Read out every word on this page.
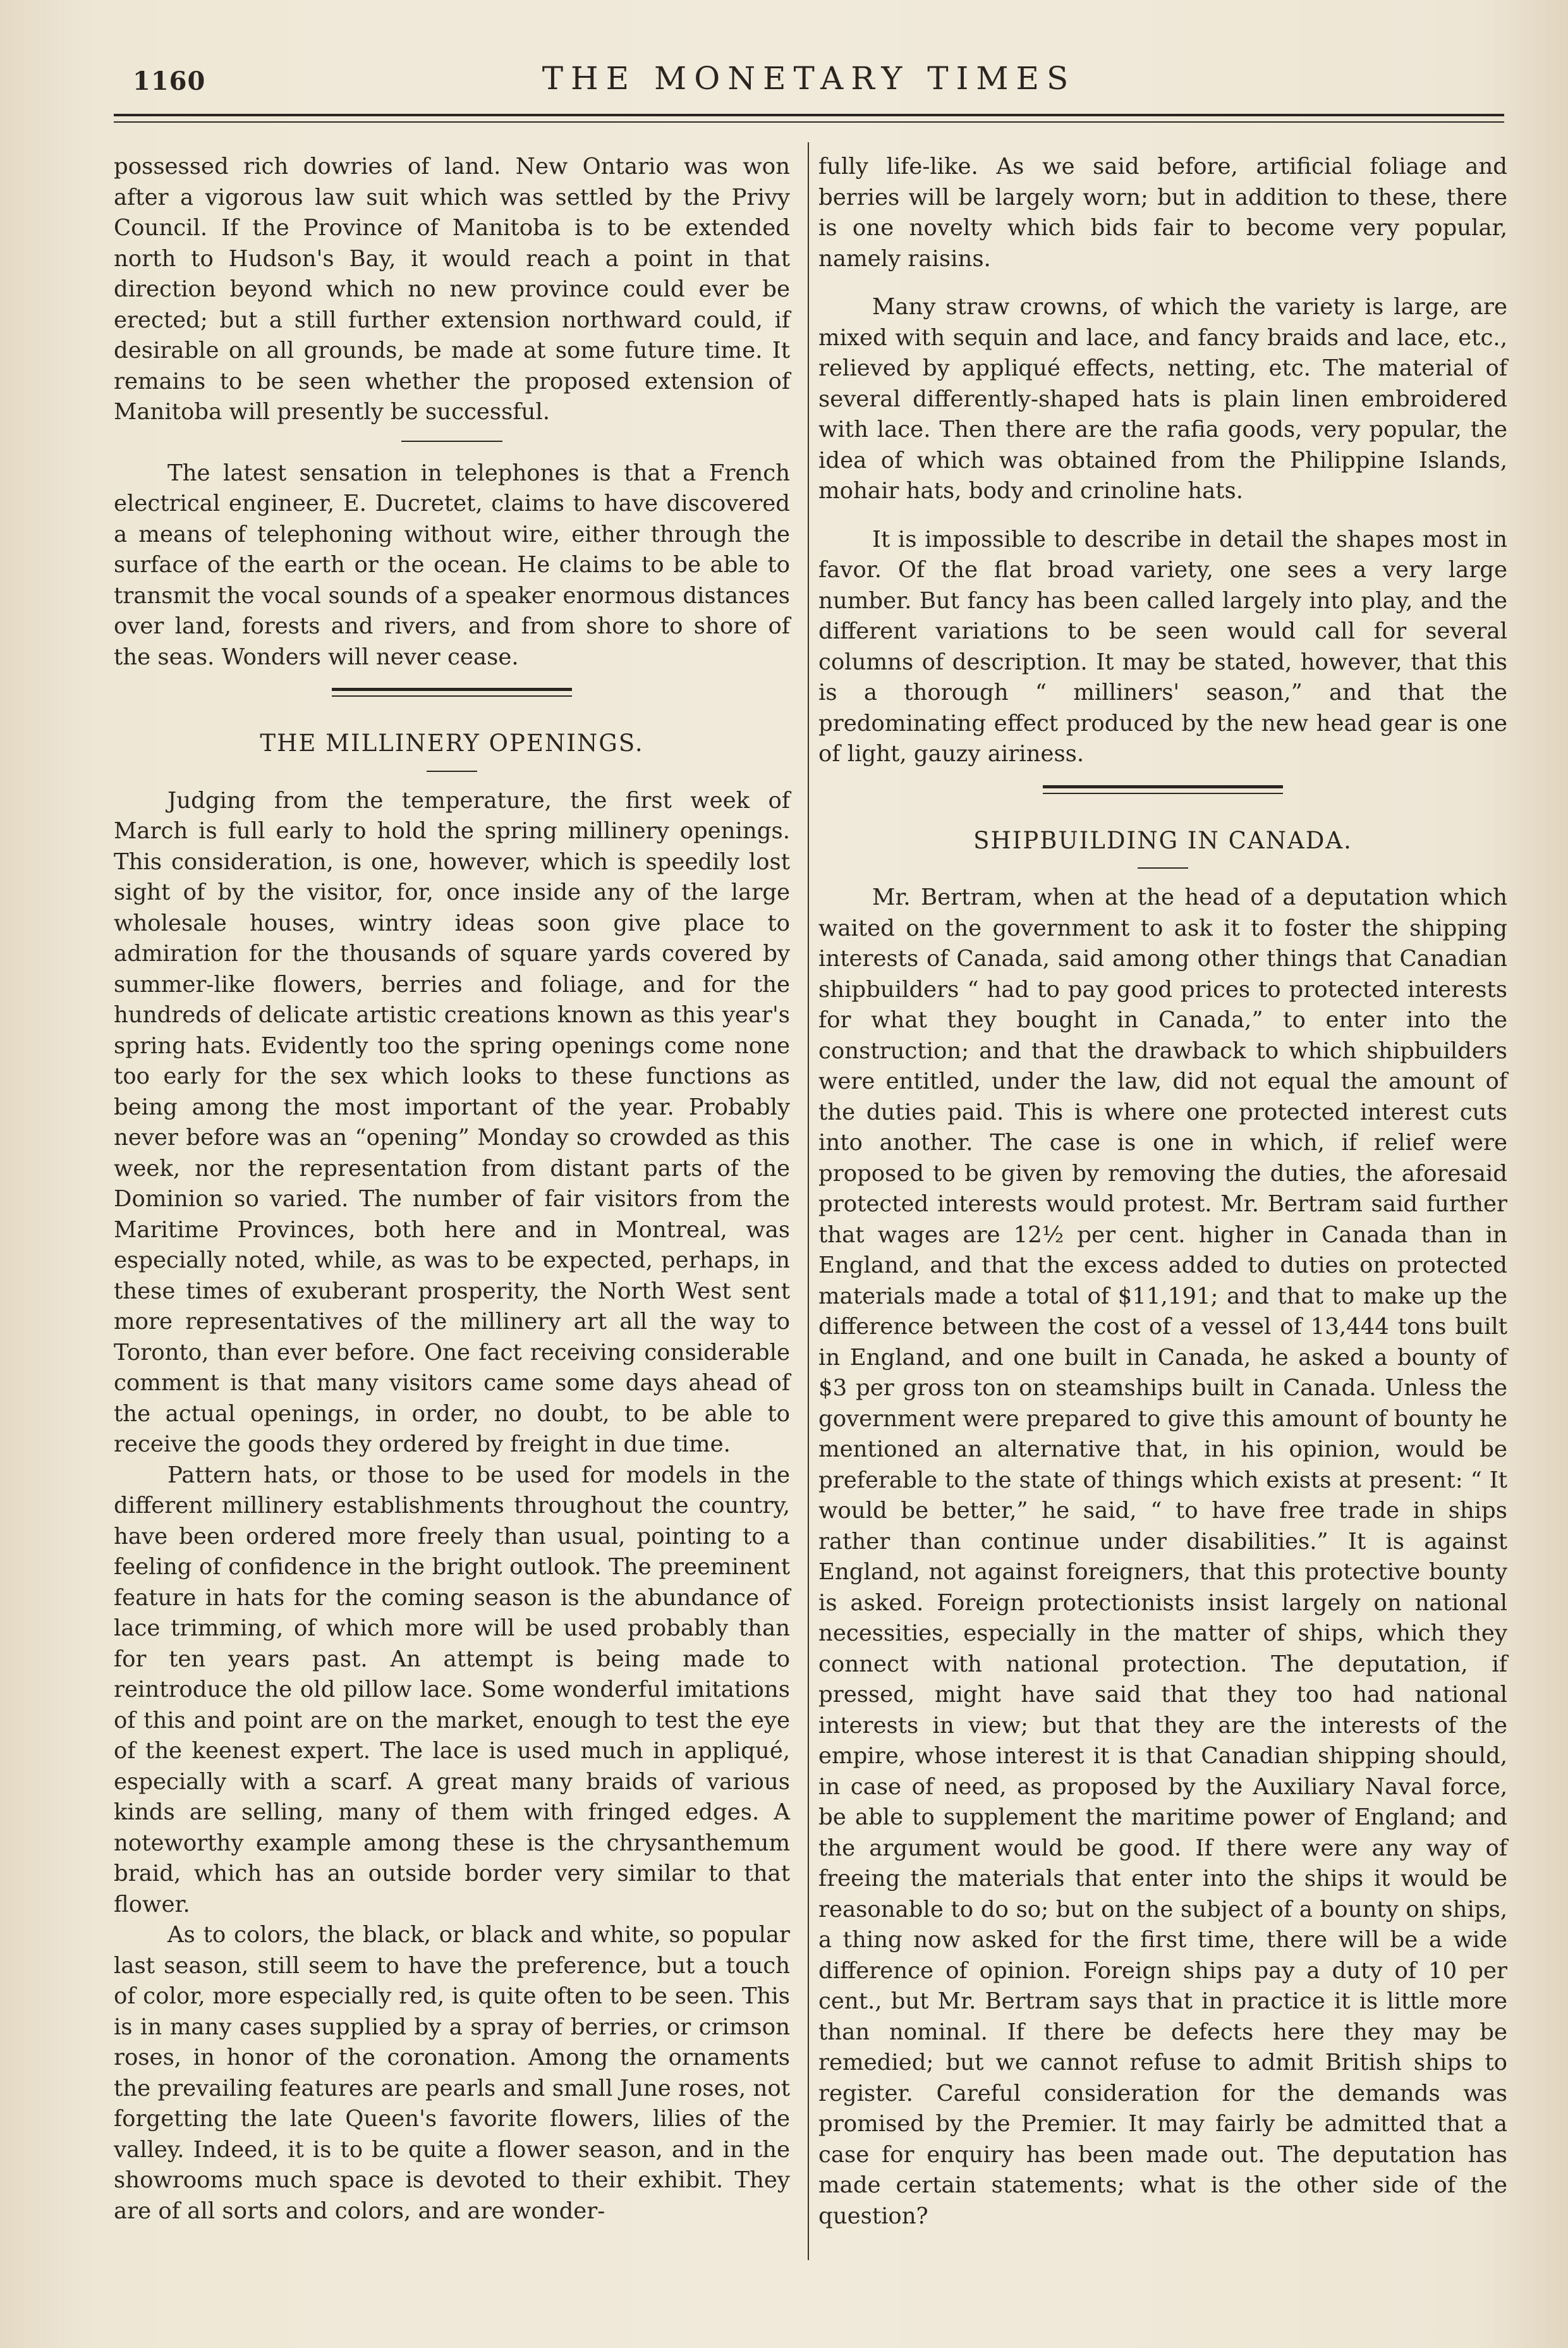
1160	THE MONETARY TIMES

possessed rich dowries of land. New Ontario was won after a vigorous law suit which was settled by the Privy Council. If the Province of Manitoba is to be extended north to Hudson's Bay, it would reach a point in that direction beyond which no new province could ever be erected; but a still further extension northward could, if desirable on all grounds, be made at some future time. It remains to be seen whether the proposed extension of Manitoba will presently be successful.

The latest sensation in telephones is that a French electrical engineer, E. Ducretet, claims to have discovered a means of telephoning without wire, either through the surface of the earth or the ocean. He claims to be able to transmit the vocal sounds of a speaker enormous distances over land, forests and rivers, and from shore to shore of the seas. Wonders will never cease.

THE MILLINERY OPENINGS.

Judging from the temperature, the first week of March is full early to hold the spring millinery openings. This consideration, is one, however, which is speedily lost sight of by the visitor, for, once inside any of the large wholesale houses, wintry ideas soon give place to admiration for the thousands of square yards covered by summer-like flowers, berries and foliage, and for the hundreds of delicate artistic creations known as this year's spring hats. Evidently too the spring openings come none too early for the sex which looks to these functions as being among the most important of the year. Probably never before was an “opening” Monday so crowded as this week, nor the representation from distant parts of the Dominion so varied. The number of fair visitors from the Maritime Provinces, both here and in Montreal, was especially noted, while, as was to be expected, perhaps, in these times of exuberant prosperity, the North West sent more representatives of the millinery art all the way to Toronto, than ever before. One fact receiving considerable comment is that many visitors came some days ahead of the actual openings, in order, no doubt, to be able to receive the goods they ordered by freight in due time.

Pattern hats, or those to be used for models in the different millinery establishments throughout the country, have been ordered more freely than usual, pointing to a feeling of confidence in the bright outlook. The preeminent feature in hats for the coming season is the abundance of lace trimming, of which more will be used probably than for ten years past. An attempt is being made to reintroduce the old pillow lace. Some wonderful imitations of this and point are on the market, enough to test the eye of the keenest expert. The lace is used much in appliqué, especially with a scarf. A great many braids of various kinds are selling, many of them with fringed edges. A noteworthy example among these is the chrysanthemum braid, which has an outside border very similar to that flower.

As to colors, the black, or black and white, so popular last season, still seem to have the preference, but a touch of color, more especially red, is quite often to be seen. This is in many cases supplied by a spray of berries, or crimson roses, in honor of the coronation. Among the ornaments the prevailing features are pearls and small June roses, not forgetting the late Queen's favorite flowers, lilies of the valley. Indeed, it is to be quite a flower season, and in the showrooms much space is devoted to their exhibit. They are of all sorts and colors, and are wonder-

fully life-like. As we said before, artificial foliage and berries will be largely worn; but in addition to these, there is one novelty which bids fair to become very popular, namely raisins.

Many straw crowns, of which the variety is large, are mixed with sequin and lace, and fancy braids and lace, etc., relieved by appliqué effects, netting, etc. The material of several differently-shaped hats is plain linen embroidered with lace. Then there are the rafia goods, very popular, the idea of which was obtained from the Philippine Islands, mohair hats, body and crinoline hats.

It is impossible to describe in detail the shapes most in favor. Of the flat broad variety, one sees a very large number. But fancy has been called largely into play, and the different variations to be seen would call for several columns of description. It may be stated, however, that this is a thorough “ milliners' season,” and that the predominating effect produced by the new head gear is one of light, gauzy airiness.

SHIPBUILDING IN CANADA.

Mr. Bertram, when at the head of a deputation which waited on the government to ask it to foster the shipping interests of Canada, said among other things that Canadian shipbuilders “ had to pay good prices to protected interests for what they bought in Canada,” to enter into the construction; and that the drawback to which shipbuilders were entitled, under the law, did not equal the amount of the duties paid. This is where one protected interest cuts into another. The case is one in which, if relief were proposed to be given by removing the duties, the aforesaid protected interests would protest. Mr. Bertram said further that wages are 12½ per cent. higher in Canada than in England, and that the excess added to duties on protected materials made a total of $11,191; and that to make up the difference between the cost of a vessel of 13,444 tons built in England, and one built in Canada, he asked a bounty of $3 per gross ton on steamships built in Canada. Unless the government were prepared to give this amount of bounty he mentioned an alternative that, in his opinion, would be preferable to the state of things which exists at present: “ It would be better,” he said, “ to have free trade in ships rather than continue under disabilities.” It is against England, not against foreigners, that this protective bounty is asked. Foreign protectionists insist largely on national necessities, especially in the matter of ships, which they connect with national protection. The deputation, if pressed, might have said that they too had national interests in view; but that they are the interests of the empire, whose interest it is that Canadian shipping should, in case of need, as proposed by the Auxiliary Naval force, be able to supplement the maritime power of England; and the argument would be good. If there were any way of freeing the materials that enter into the ships it would be reasonable to do so; but on the subject of a bounty on ships, a thing now asked for the first time, there will be a wide difference of opinion. Foreign ships pay a duty of 10 per cent., but Mr. Bertram says that in practice it is little more than nominal. If there be defects here they may be remedied; but we cannot refuse to admit British ships to register. Careful consideration for the demands was promised by the Premier. It may fairly be admitted that a case for enquiry has been made out. The deputation has made certain statements; what is the other side of the question?
